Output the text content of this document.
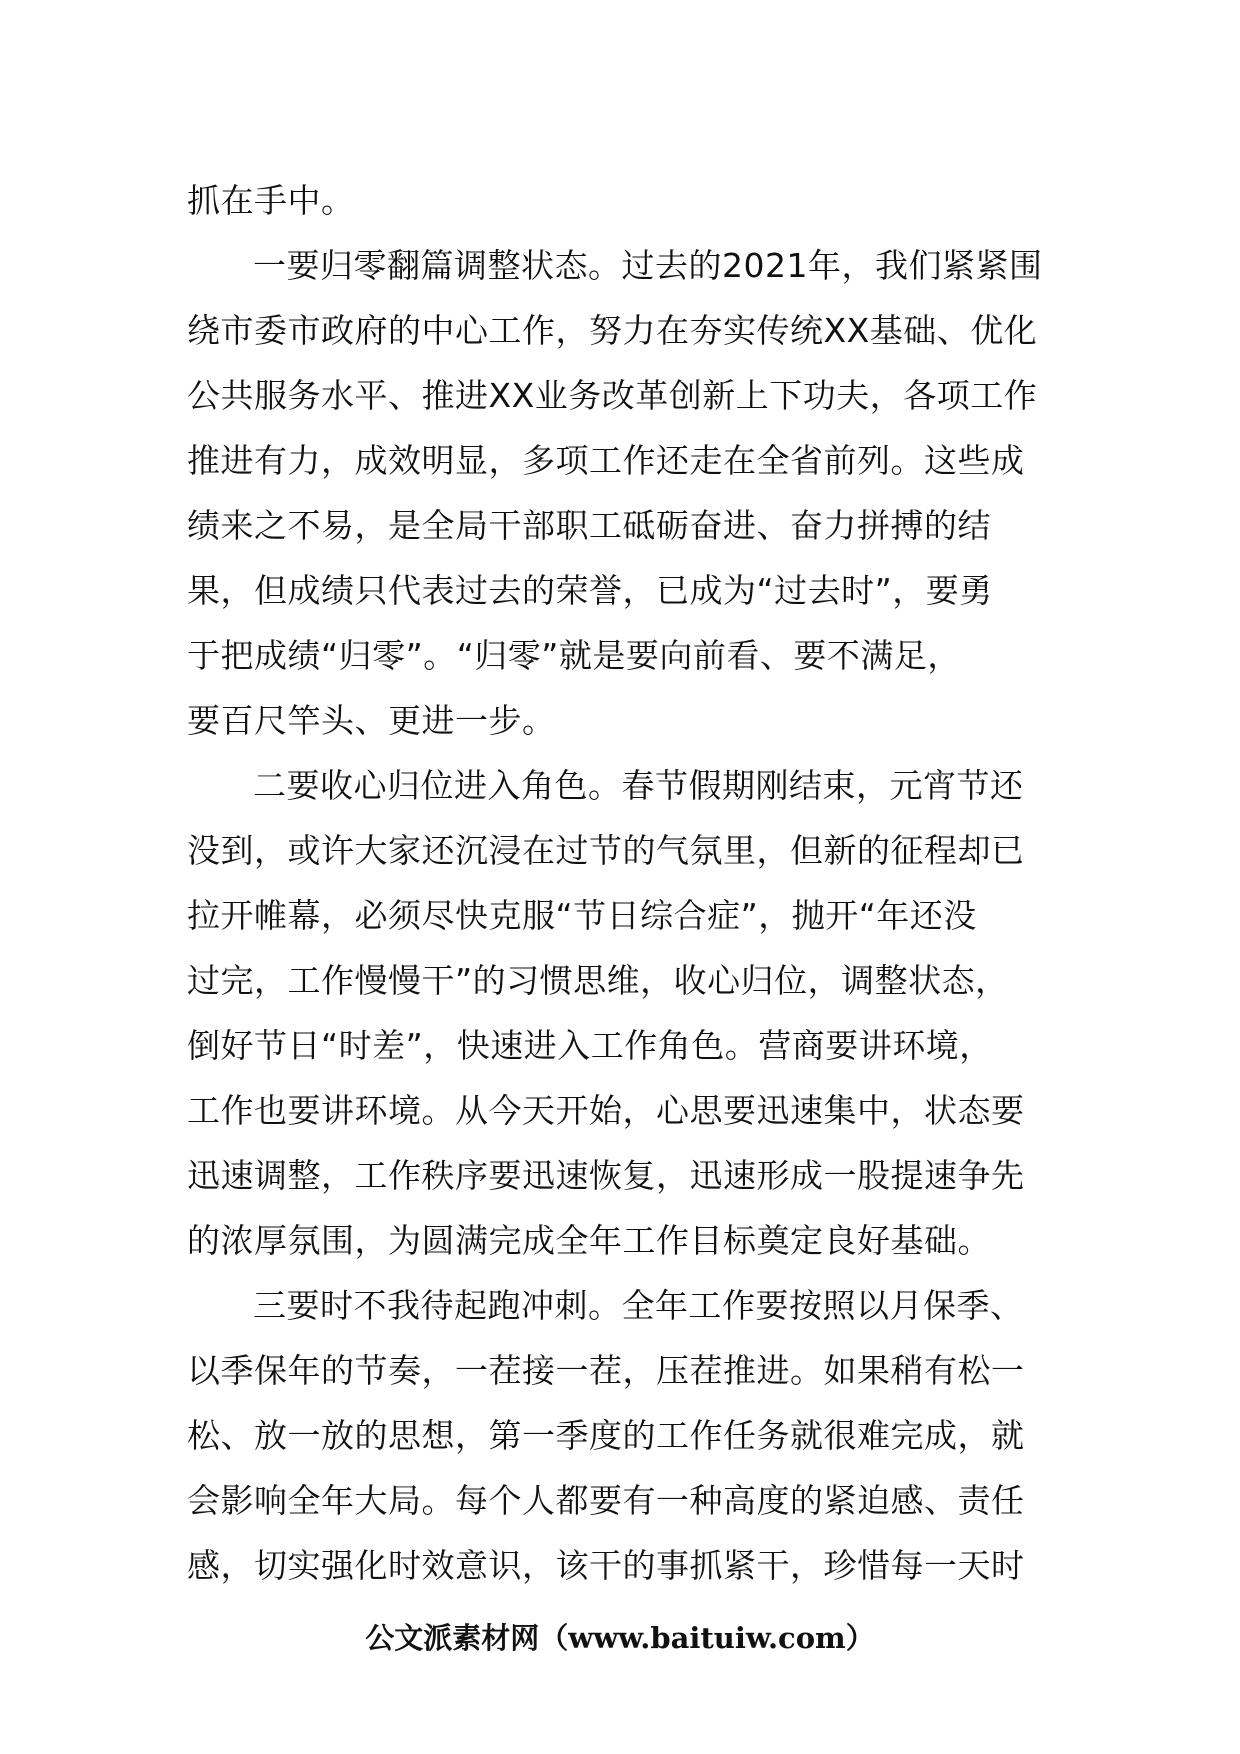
抓在手中。
一要归零翻篇调整状态。过去的2021年，我们紧紧围
绕市委市政府的中心工作，努力在夯实传统XX基础、优化
公共服务水平、推进XX业务改革创新上下功夫，各项工作
推进有力，成效明显，多项工作还走在全省前列。这些成
绩来之不易，是全局干部职工砥砺奋进、奋力拼搏的结
果，但成绩只代表过去的荣誉，已成为“过去时”，要勇
于把成绩“归零”。“归零”就是要向前看、要不满足，
要百尺竿头、更进一步。
二要收心归位进入角色。春节假期刚结束，元宵节还
没到，或许大家还沉浸在过节的气氛里，但新的征程却已
拉开帷幕，必须尽快克服“节日综合症”，抛开“年还没
过完，工作慢慢干”的习惯思维，收心归位，调整状态，
倒好节日“时差”，快速进入工作角色。营商要讲环境，
工作也要讲环境。从今天开始，心思要迅速集中，状态要
迅速调整，工作秩序要迅速恢复，迅速形成一股提速争先
的浓厚氛围，为圆满完成全年工作目标奠定良好基础。
三要时不我待起跑冲刺。全年工作要按照以月保季、
以季保年的节奏，一茬接一茬，压茬推进。如果稍有松一
松、放一放的思想，第一季度的工作任务就很难完成，就
会影响全年大局。每个人都要有一种高度的紧迫感、责任
感，切实强化时效意识，该干的事抓紧干，珍惜每一天时
公文派素材网（www.baituiw.com）
